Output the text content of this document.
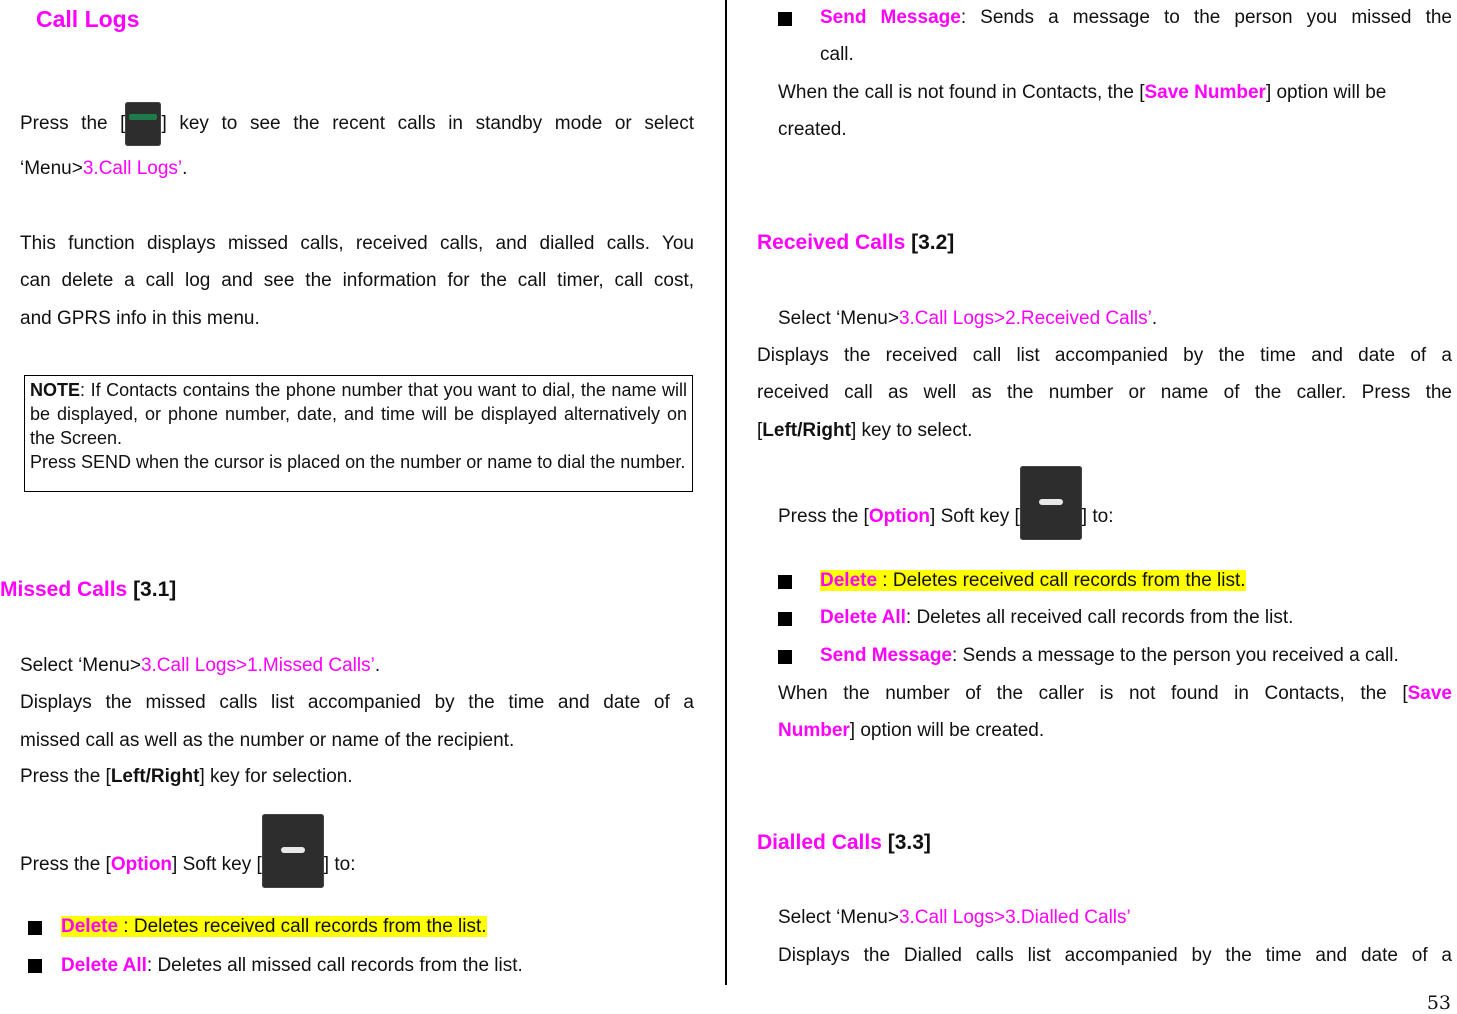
Call Logs
Press the [ ] key to see the recent calls in standby mode or select
‘Menu>3.Call Logs’.
This function displays missed calls, received calls, and dialled calls. You
can delete a call log and see the information for the call timer, call cost,
and GPRS info in this menu.
NOTE: If Contacts contains the phone number that you want to dial, the name will be displayed, or phone number, date, and time will be displayed alternatively on the Screen.
Press SEND when the cursor is placed on the number or name to dial the number.
Missed Calls [3.1]
Select ‘Menu>3.Call Logs>1.Missed Calls’.
Displays the missed calls list accompanied by the time and date of a
missed call as well as the number or name of the recipient.
Press the [Left/Right] key for selection.
Press the [Option] Soft key [	] to:
Delete : Deletes received call records from the list.
Delete All: Deletes all missed call records from the list.
Send Message: Sends a message to the person you missed the
call.
When the call is not found in Contacts, the [Save Number] option will be
created.
Received Calls [3.2]
Select ‘Menu>3.Call Logs>2.Received Calls’.
Displays the received call list accompanied by the time and date of a
received call as well as the number or name of the caller. Press the
[Left/Right] key to select.
Press the [Option] Soft key [	] to:
Delete : Deletes received call records from the list.
Delete All: Deletes all received call records from the list.
Send Message: Sends a message to the person you received a call.
When the number of the caller is not found in Contacts, the [Save
Number] option will be created.
Dialled Calls [3.3]
Select ‘Menu>3.Call Logs>3.Dialled Calls’
Displays the Dialled calls list accompanied by the time and date of a
53
